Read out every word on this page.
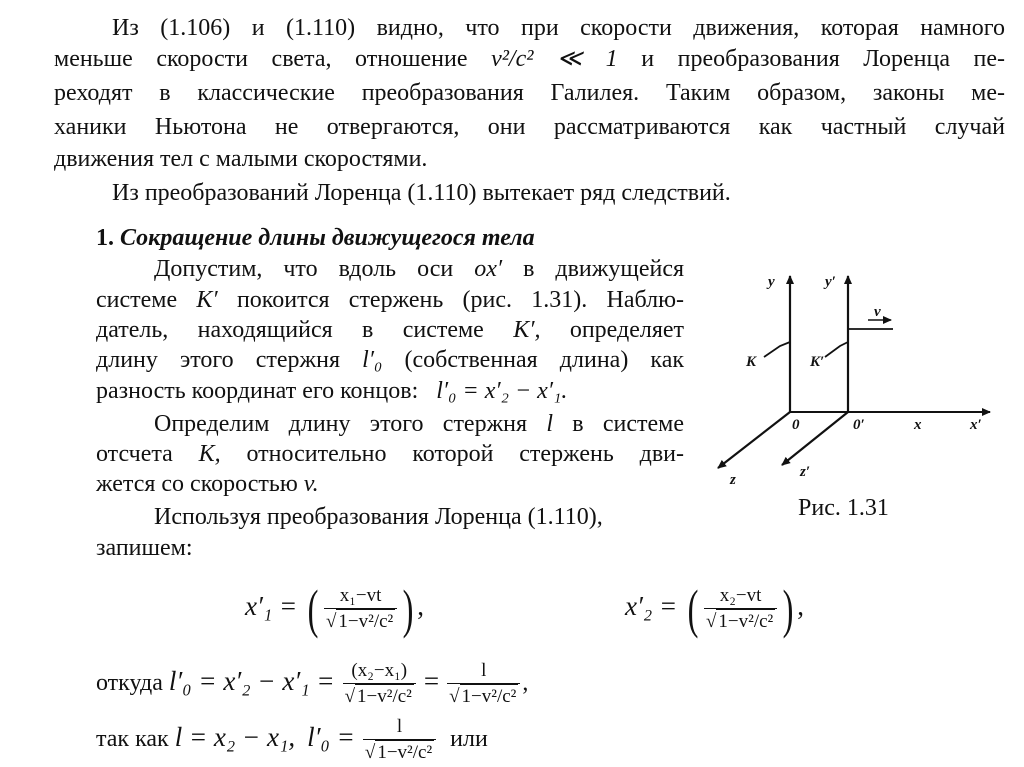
Из (1.106) и (1.110) видно, что при скорости движения, которая намного
меньше скорости света, отношение v²/c² ≪ 1 и преобразования Лоренца пе-
реходят в классические преобразования Галилея. Таким образом, законы ме-
ханики Ньютона не отвергаются, они рассматриваются как частный случай
движения тел с малыми скоростями.
Из преобразований Лоренца (1.110) вытекает ряд следствий.
1. Сокращение длины движущегося тела
Допустим, что вдоль оси ox′ в движущейся
системе K′ покоится стержень (рис. 1.31). Наблю-
датель, находящийся в системе K′, определяет
длину этого стержня l′₀ (собственная длина) как
разность координат его концов: l′₀ = x′₂ − x′₁.
Определим длину этого стержня l в системе
отсчета K, относительно которой стержень дви-
жется со скоростью v.
Используя преобразования Лоренца (1.110),
запишем:
y	y′
v
K	K′
0	0′	x	x′
z	z′
Рис. 1.31
x′₁ = ( $\frac{\text{x₁−vt}}{\text{√ 1−v²/c²}}$ ) ,	x′₂ = ( $\frac{\text{x₂−vt}}{\text{√ 1−v²/c²}}$ ) ,
откуда $l'_0 = x'_2 - x'_1 = \frac{\text{(x₂−x₁)}}{\text{√ 1−v²/c²}} = \frac{l}{\text{√ 1−v²/c²}}$ ,
так как l = x₂ − x₁, $l'_0 = \frac{l}{\text{√ 1−v²/c²}}$ или
